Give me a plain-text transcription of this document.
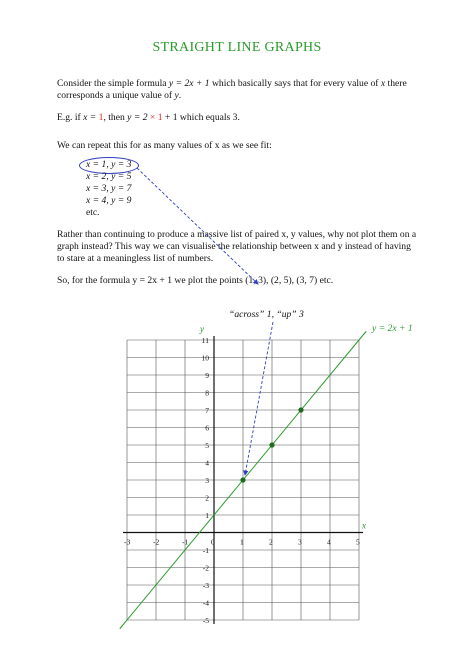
STRAIGHT LINE GRAPHS
Consider the simple formula y = 2x + 1 which basically says that for every value of x there
corresponds a unique value of y.
E.g. if x = 1, then y = 2 × 1 + 1 which equals 3.
We can repeat this for as many values of x as we see fit:
x = 1, y = 3
x = 2, y = 5
x = 3, y = 7
x = 4, y = 9
etc.
Rather than continuing to produce a massive list of paired x, y values, why not plot them on a
graph instead? This way we can visualise the relationship between x and y instead of having
to stare at a meaningless list of numbers.
So, for the formula y = 2x + 1 we plot the points (1, 3), (2, 5), (3, 7) etc.
“across” 1, “up” 3
y = 2x + 1
x
y
-3	-2	-1	0	1	2	3	4	5
-5
-4
-3
-2
-1
1
2
3
4
5
6
7
8
9
10
11
